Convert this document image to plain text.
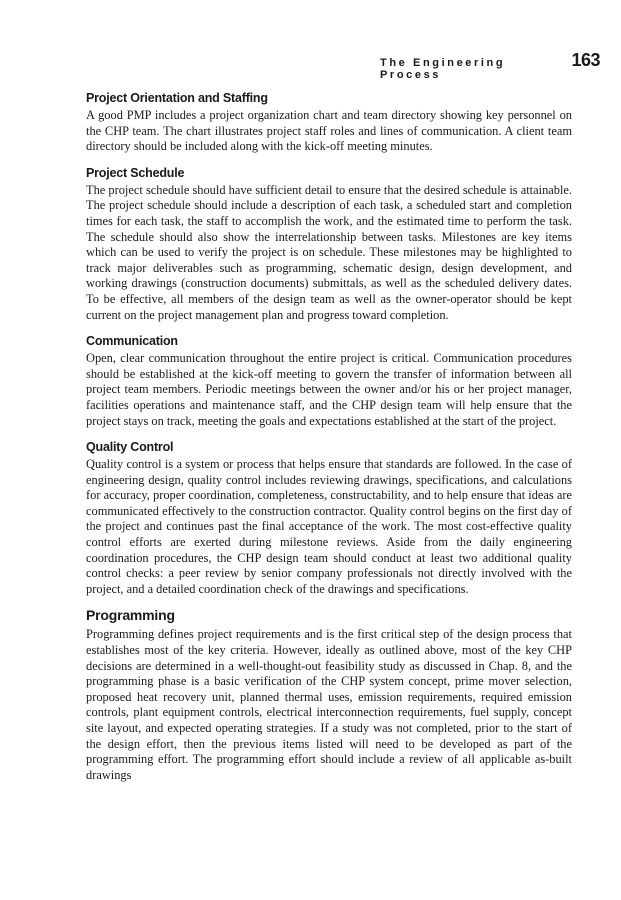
The Engineering Process
163
Project Orientation and Staffing

A good PMP includes a project organization chart and team directory showing key personnel on the CHP team. The chart illustrates project staff roles and lines of communication. A client team directory should be included along with the kick-off meeting minutes.

Project Schedule

The project schedule should have sufficient detail to ensure that the desired schedule is attainable. The project schedule should include a description of each task, a scheduled start and completion times for each task, the staff to accomplish the work, and the estimated time to perform the task. The schedule should also show the interrelationship between tasks. Milestones are key items which can be used to verify the project is on schedule. These milestones may be highlighted to track major deliverables such as programming, schematic design, design development, and working drawings (construction documents) submittals, as well as the scheduled delivery dates. To be effective, all members of the design team as well as the owner-operator should be kept current on the project management plan and progress toward completion.

Communication

Open, clear communication throughout the entire project is critical. Communication procedures should be established at the kick-off meeting to govern the transfer of information between all project team members. Periodic meetings between the owner and/or his or her project manager, facilities operations and maintenance staff, and the CHP design team will help ensure that the project stays on track, meeting the goals and expectations established at the start of the project.

Quality Control

Quality control is a system or process that helps ensure that standards are followed. In the case of engineering design, quality control includes reviewing drawings, specifications, and calculations for accuracy, proper coordination, completeness, constructability, and to help ensure that ideas are communicated effectively to the construction contractor. Quality control begins on the first day of the project and continues past the final acceptance of the work. The most cost-effective quality control efforts are exerted during milestone reviews. Aside from the daily engineering coordination procedures, the CHP design team should conduct at least two additional quality control checks: a peer review by senior company professionals not directly involved with the project, and a detailed coordination check of the drawings and specifications.

Programming

Programming defines project requirements and is the first critical step of the design process that establishes most of the key criteria. However, ideally as outlined above, most of the key CHP decisions are determined in a well-thought-out feasibility study as discussed in Chap. 8, and the programming phase is a basic verification of the CHP system concept, prime mover selection, proposed heat recovery unit, planned thermal uses, emission requirements, required emission controls, plant equipment controls, electrical interconnection requirements, fuel supply, concept site layout, and expected operating strategies. If a study was not completed, prior to the start of the design effort, then the previous items listed will need to be developed as part of the programming effort. The programming effort should include a review of all applicable as-built drawings
